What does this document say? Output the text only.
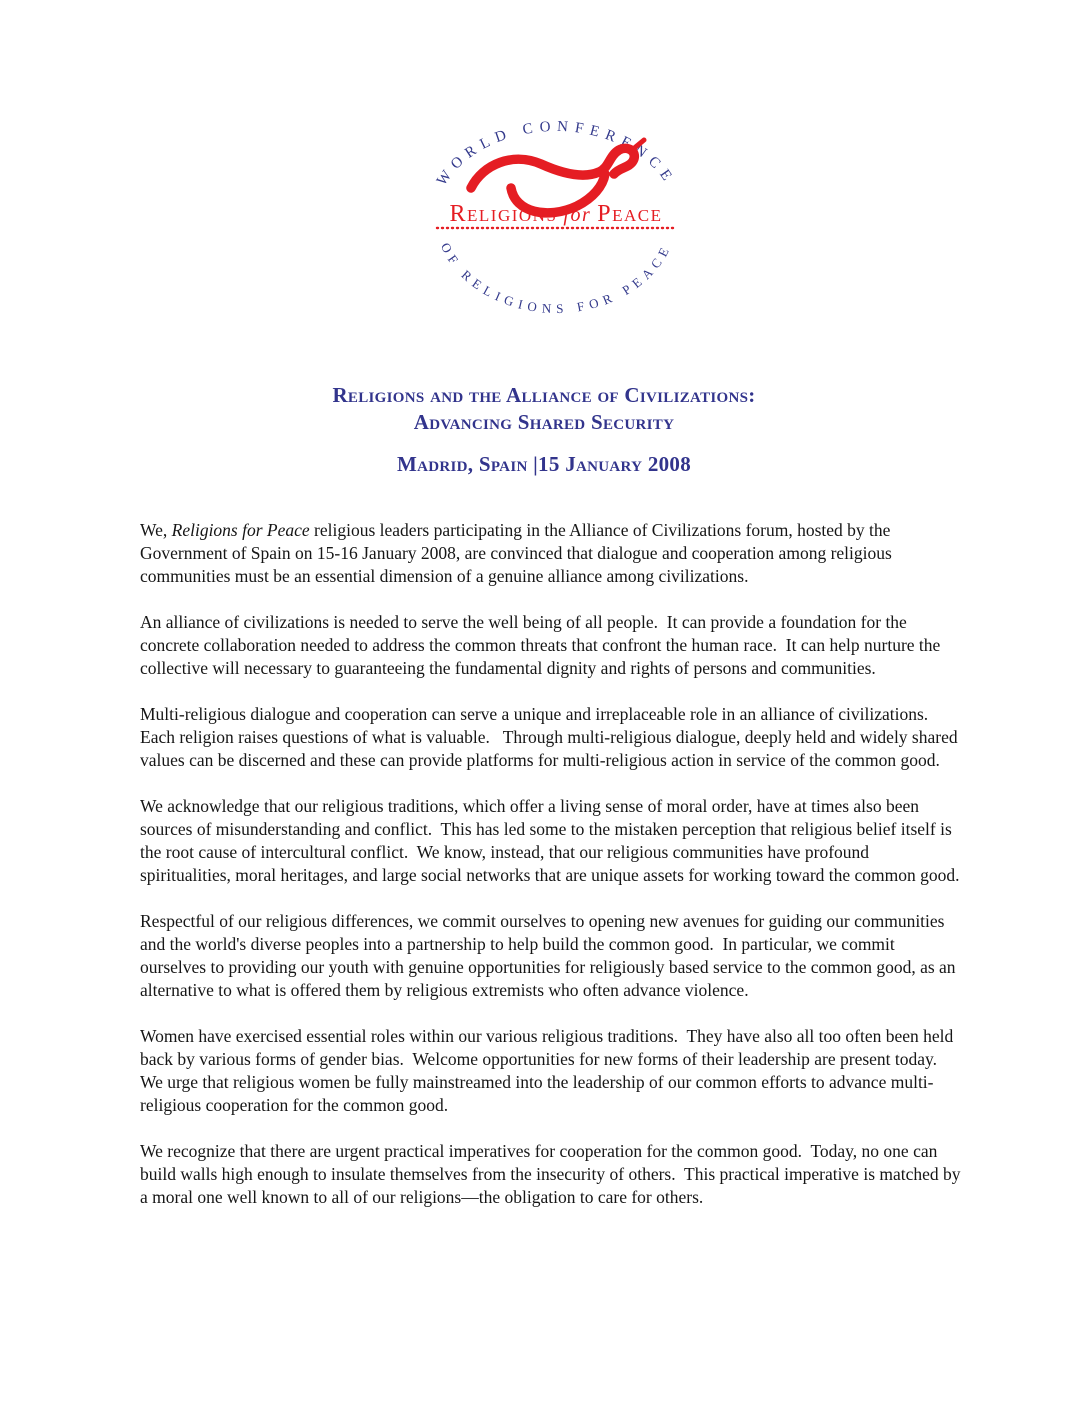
WORLD CONFERENCE
OF RELIGIONS FOR PEACE
Religions for Peace
Religions and the Alliance of Civilizations:
Advancing Shared Security
Madrid, Spain |15 January 2008

We, Religions for Peace religious leaders participating in the Alliance of Civilizations forum, hosted by the Government of Spain on 15-16 January 2008, are convinced that dialogue and cooperation among religious communities must be an essential dimension of a genuine alliance among civilizations.

An alliance of civilizations is needed to serve the well being of all people.  It can provide a foundation for the concrete collaboration needed to address the common threats that confront the human race.  It can help nurture the collective will necessary to guaranteeing the fundamental dignity and rights of persons and communities.

Multi-religious dialogue and cooperation can serve a unique and irreplaceable role in an alliance of civilizations.  Each religion raises questions of what is valuable.   Through multi-religious dialogue, deeply held and widely shared values can be discerned and these can provide platforms for multi-religious action in service of the common good.

We acknowledge that our religious traditions, which offer a living sense of moral order, have at times also been sources of misunderstanding and conflict.  This has led some to the mistaken perception that religious belief itself is the root cause of intercultural conflict.  We know, instead, that our religious communities have profound spiritualities, moral heritages, and large social networks that are unique assets for working toward the common good.

Respectful of our religious differences, we commit ourselves to opening new avenues for guiding our communities and the world's diverse peoples into a partnership to help build the common good.  In particular, we commit ourselves to providing our youth with genuine opportunities for religiously based service to the common good, as an alternative to what is offered them by religious extremists who often advance violence.

Women have exercised essential roles within our various religious traditions.  They have also all too often been held back by various forms of gender bias.  Welcome opportunities for new forms of their leadership are present today.  We urge that religious women be fully mainstreamed into the leadership of our common efforts to advance multi-religious cooperation for the common good.

We recognize that there are urgent practical imperatives for cooperation for the common good.  Today, no one can build walls high enough to insulate themselves from the insecurity of others.  This practical imperative is matched by a moral one well known to all of our religions—the obligation to care for others.
